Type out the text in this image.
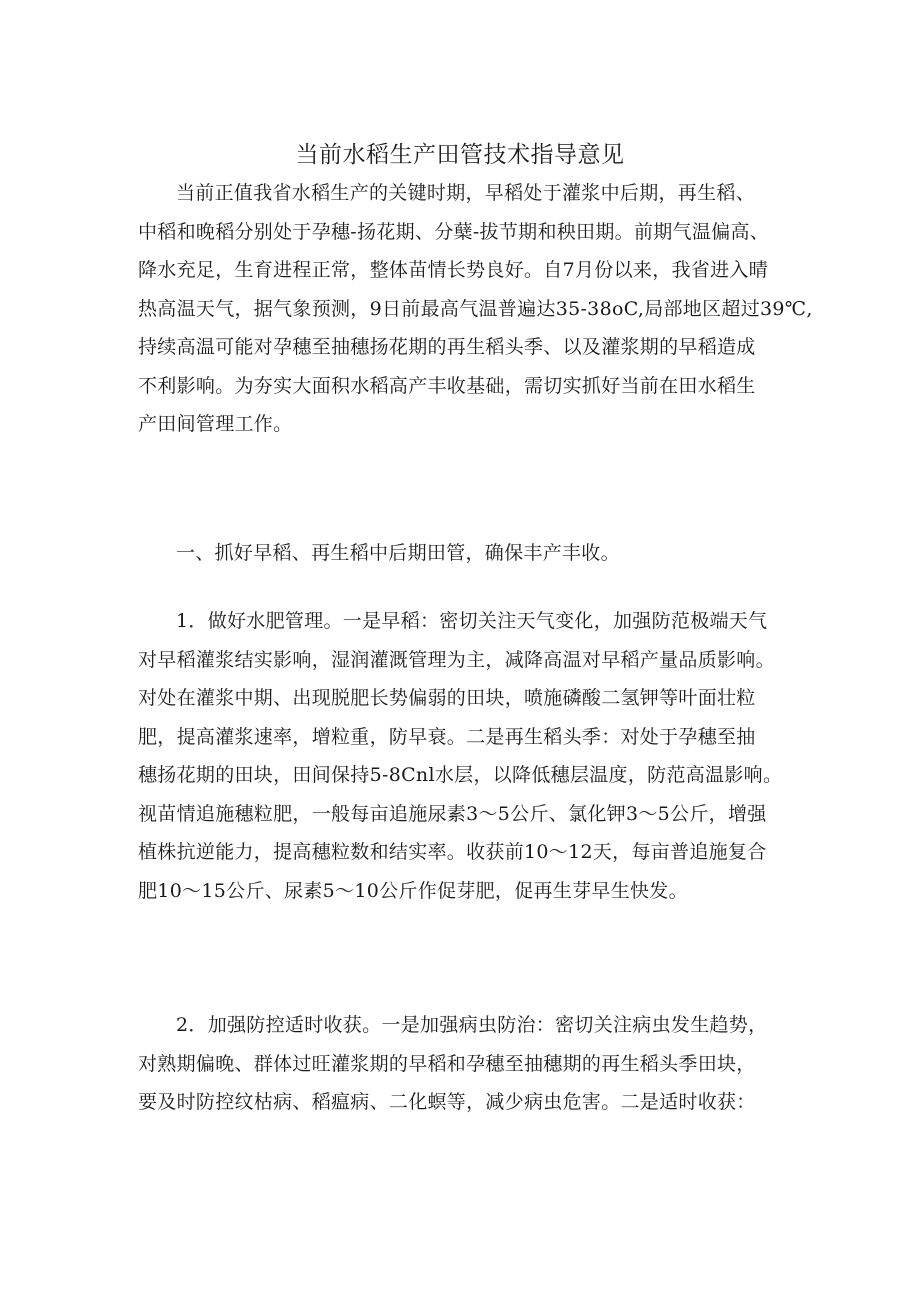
当前水稻生产田管技术指导意见
当前正值我省水稻生产的关键时期，早稻处于灌浆中后期，再生稻、
中稻和晚稻分别处于孕穗-扬花期、分蘖-拔节期和秧田期。前期气温偏高、
降水充足，生育进程正常，整体苗情长势良好。自7月份以来，我省进入晴
热高温天气，据气象预测，9日前最高气温普遍达35-38oC,局部地区超过39℃,
持续高温可能对孕穗至抽穗扬花期的再生稻头季、以及灌浆期的早稻造成
不利影响。为夯实大面积水稻高产丰收基础，需切实抓好当前在田水稻生
产田间管理工作。
一、抓好早稻、再生稻中后期田管，确保丰产丰收。
1．做好水肥管理。一是早稻：密切关注天气变化，加强防范极端天气
对早稻灌浆结实影响，湿润灌溉管理为主，减降高温对早稻产量品质影响。
对处在灌浆中期、出现脱肥长势偏弱的田块，喷施磷酸二氢钾等叶面壮粒
肥，提高灌浆速率，增粒重，防早衰。二是再生稻头季：对处于孕穗至抽
穗扬花期的田块，田间保持5-8Cnl水层，以降低穗层温度，防范高温影响。
视苗情追施穗粒肥，一般每亩追施尿素3〜5公斤、氯化钾3〜5公斤，增强
植株抗逆能力，提高穗粒数和结实率。收获前10〜12天，每亩普追施复合
肥10〜15公斤、尿素5〜10公斤作促芽肥，促再生芽早生快发。
2．加强防控适时收获。一是加强病虫防治：密切关注病虫发生趋势，
对熟期偏晚、群体过旺灌浆期的早稻和孕穗至抽穗期的再生稻头季田块，
要及时防控纹枯病、稻瘟病、二化螟等，减少病虫危害。二是适时收获：
